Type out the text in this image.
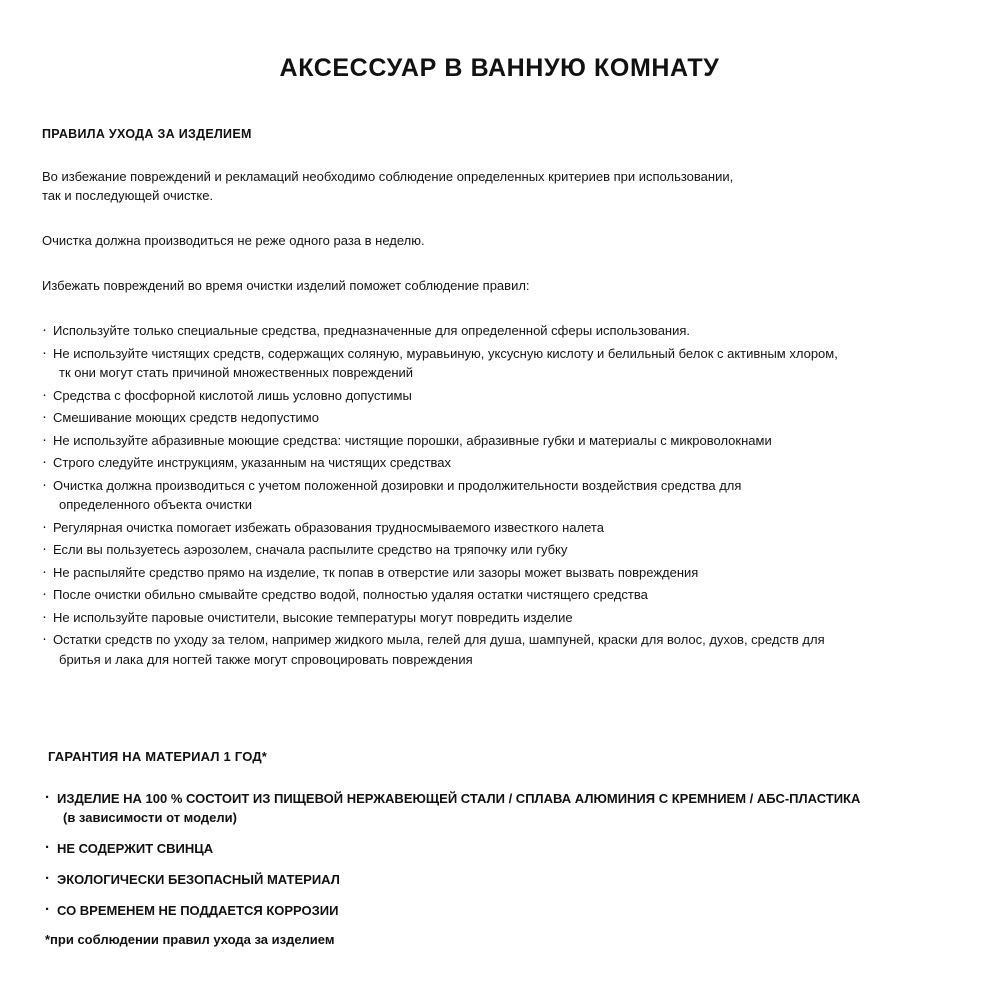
АКСЕССУАР В ВАННУЮ КОМНАТУ
ПРАВИЛА УХОДА ЗА ИЗДЕЛИЕМ

Во избежание повреждений и рекламаций необходимо соблюдение определенных критериев при использовании,
так и последующей очистке.

Очистка должна производиться не реже одного раза в неделю.

Избежать повреждений во время очистки изделий поможет соблюдение правил:

· Используйте только специальные средства, предназначенные для определенной сферы использования.
· Не используйте чистящих средств, содержащих соляную, муравьиную, уксусную кислоту и белильный белок с активным хлором,
тк они могут стать причиной множественных повреждений
· Средства с фосфорной кислотой лишь условно допустимы
· Смешивание моющих средств недопустимо
· Не используйте абразивные моющие средства: чистящие порошки, абразивные губки и материалы с микроволокнами
· Строго следуйте инструкциям, указанным на чистящих средствах
· Очистка должна производиться с учетом положенной дозировки и продолжительности воздействия средства для
определенного объекта очистки
· Регулярная очистка помогает избежать образования трудносмываемого известкого налета
· Если вы пользуетесь аэрозолем, сначала распылите средство на тряпочку или губку
· Не распыляйте средство прямо на изделие, тк попав в отверстие или зазоры может вызвать повреждения
· После очистки обильно смывайте средство водой, полностью удаляя остатки чистящего средства
· Не используйте паровые очистители, высокие температуры могут повредить изделие
· Остатки средств по уходу за телом, например жидкого мыла, гелей для душа, шампуней, краски для волос, духов, средств для
бритья и лака для ногтей также могут спровоцировать повреждения
ГАРАНТИЯ НА МАТЕРИАЛ 1 ГОД*
· ИЗДЕЛИЕ НА 100 % СОСТОИТ ИЗ ПИЩЕВОЙ НЕРЖАВЕЮЩЕЙ СТАЛИ / СПЛАВА АЛЮМИНИЯ С КРЕМНИЕМ / АБС-ПЛАСТИКА
(в зависимости от модели)
· НЕ СОДЕРЖИТ СВИНЦА
· ЭКОЛОГИЧЕСКИ БЕЗОПАСНЫЙ МАТЕРИАЛ
· СО ВРЕМЕНЕМ НЕ ПОДДАЕТСЯ КОРРОЗИИ

*при соблюдении правил ухода за изделием
